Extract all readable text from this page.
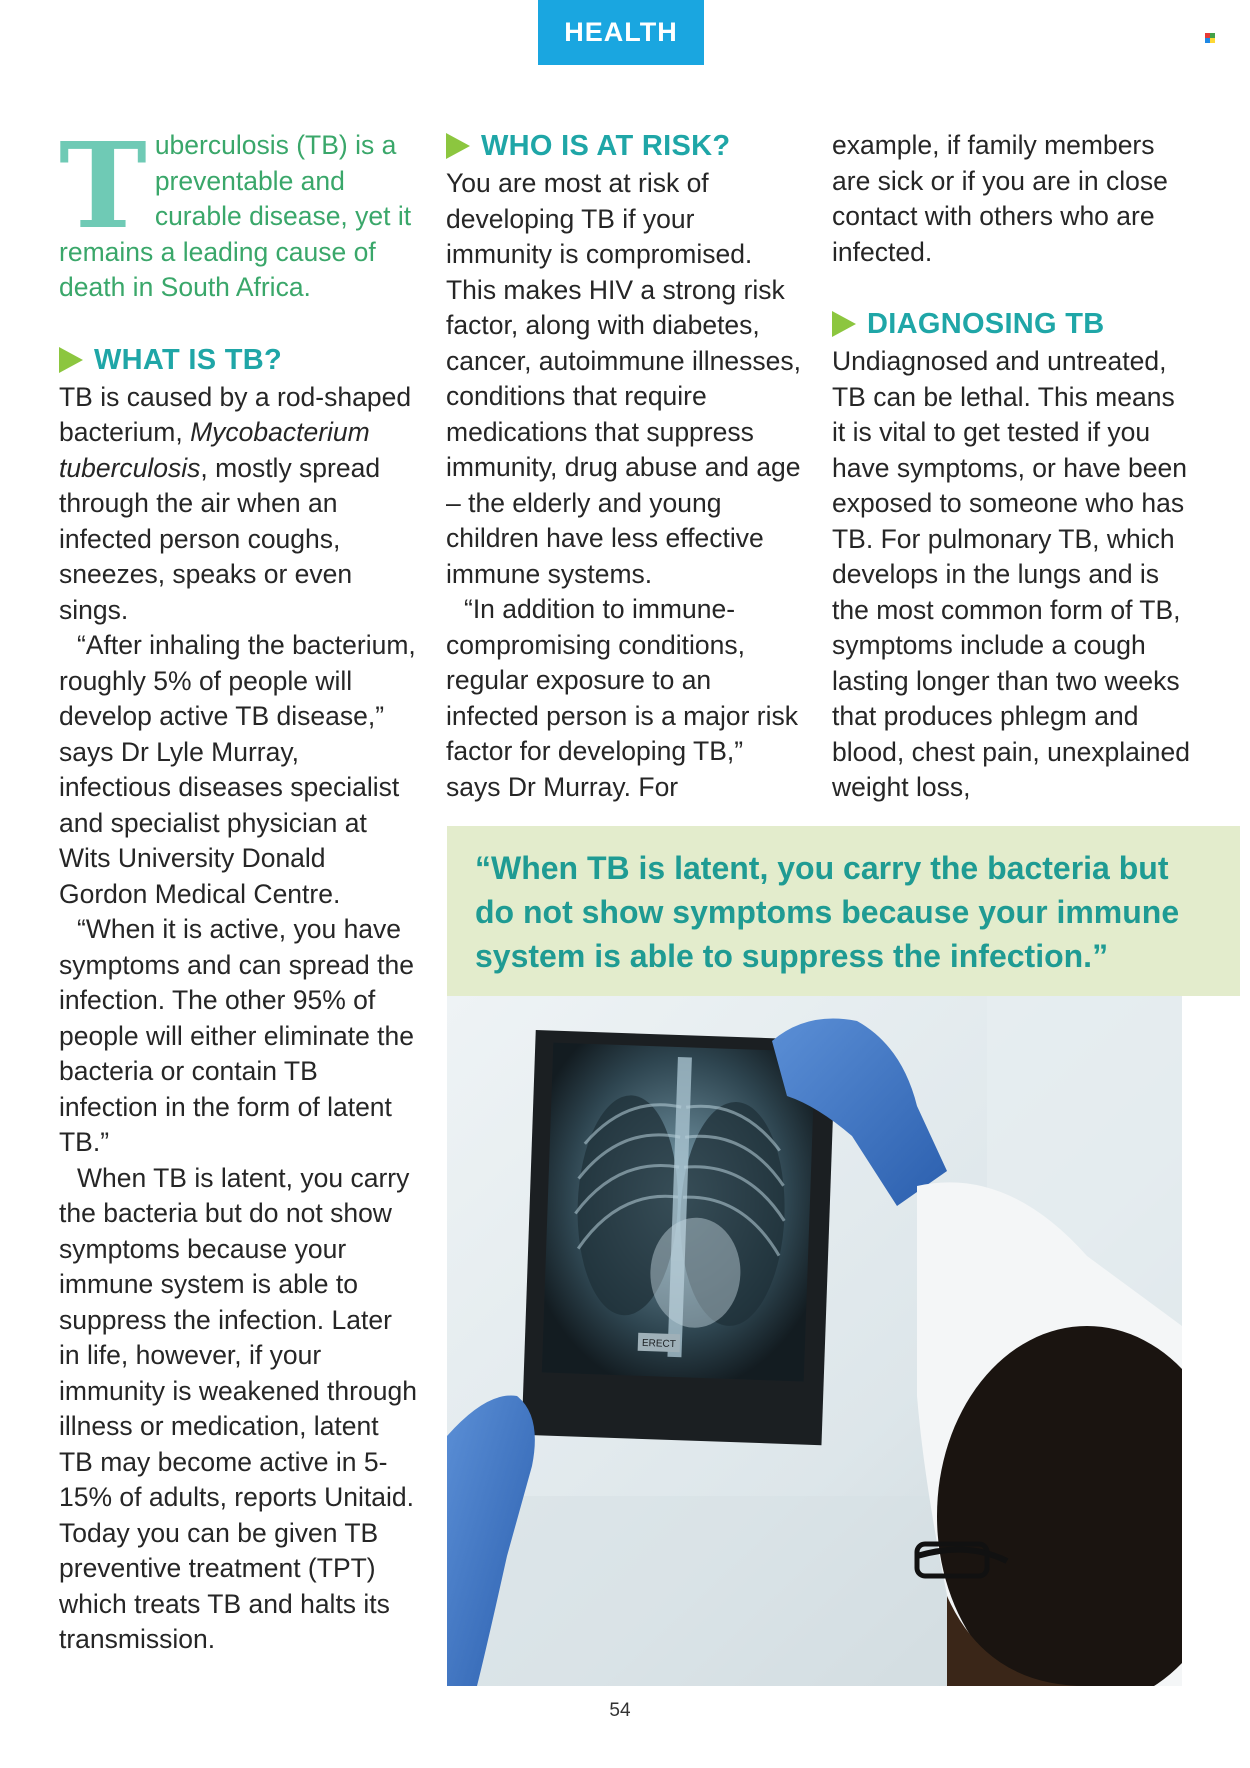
HEALTH
T uberculosis (TB) is a preventable and curable disease, yet it remains a leading cause of death in South Africa.
WHAT IS TB?

TB is caused by a rod-shaped bacterium, Mycobacterium tuberculosis, mostly spread through the air when an infected person coughs, sneezes, speaks or even sings.

“After inhaling the bacterium, roughly 5% of people will develop active TB disease,” says Dr Lyle Murray, infectious diseases specialist and specialist physician at Wits University Donald Gordon Medical Centre.

“When it is active, you have symptoms and can spread the infection. The other 95% of people will either eliminate the bacteria or contain TB infection in the form of latent TB.”

When TB is latent, you carry the bacteria but do not show symptoms because your immune system is able to suppress the infection. Later in life, however, if your immunity is weakened through illness or medication, latent TB may become active in 5-15% of adults, reports Unitaid. Today you can be given TB preventive treatment (TPT) which treats TB and halts its transmission.

WHO IS AT RISK?

You are most at risk of developing TB if your immunity is compromised. This makes HIV a strong risk factor, along with diabetes, cancer, autoimmune illnesses, conditions that require medications that suppress immunity, drug abuse and age – the elderly and young children have less effective immune systems.

“In addition to immune-compromising conditions, regular exposure to an infected person is a major risk factor for developing TB,” says Dr Murray. For

example, if family members are sick or if you are in close contact with others who are infected.

DIAGNOSING TB

Undiagnosed and untreated, TB can be lethal. This means it is vital to get tested if you have symptoms, or have been exposed to someone who has TB. For pulmonary TB, which develops in the lungs and is the most common form of TB, symptoms include a cough lasting longer than two weeks that produces phlegm and blood, chest pain, unexplained weight loss,

“When TB is latent, you carry the bacteria but do not show symptoms because your immune system is able to suppress the infection.”

ERECT
54
